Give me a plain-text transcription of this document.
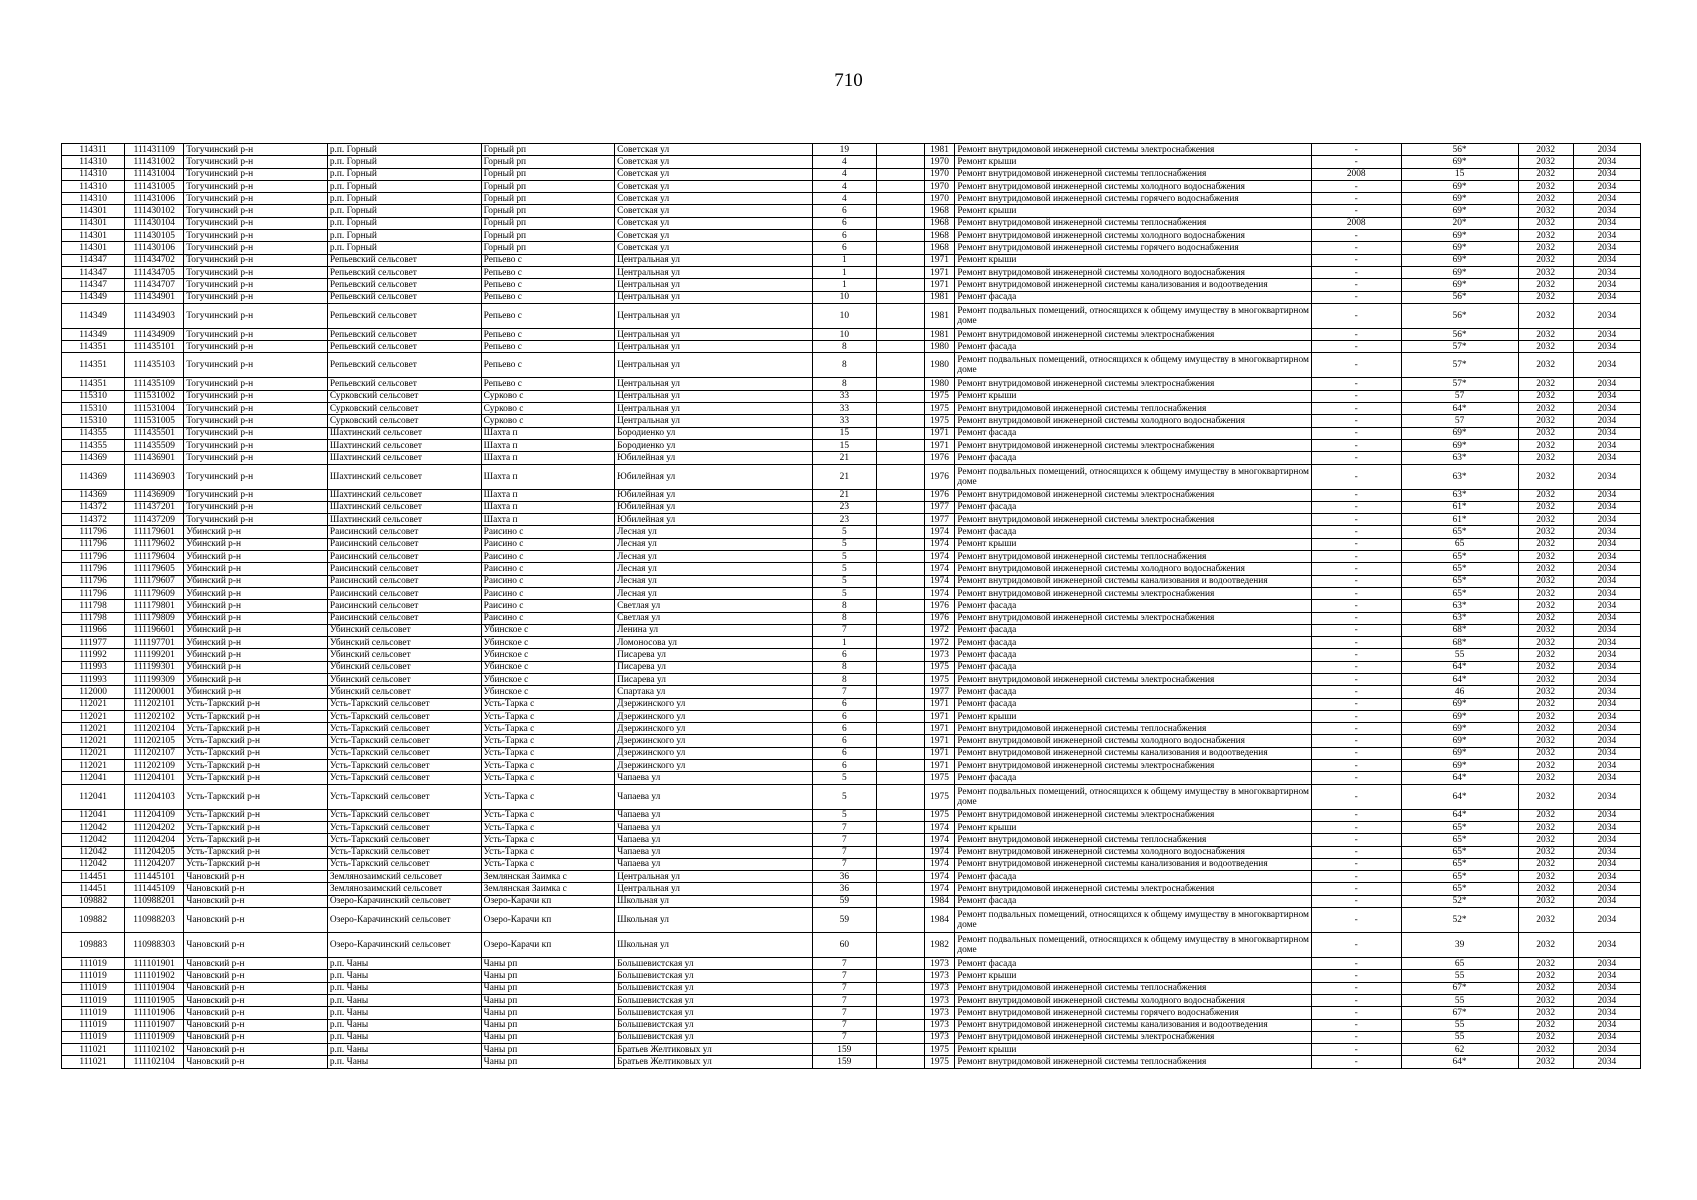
710
114311	111431109	Тогучинский р-н	р.п. Горный	Горный рп	Советская ул	19		1981	Ремонт внутридомовой инженерной системы электроснабжения	-	56*	2032	2034
114310	111431002	Тогучинский р-н	р.п. Горный	Горный рп	Советская ул	4		1970	Ремонт крыши	-	69*	2032	2034
114310	111431004	Тогучинский р-н	р.п. Горный	Горный рп	Советская ул	4		1970	Ремонт внутридомовой инженерной системы теплоснабжения	2008	15	2032	2034
114310	111431005	Тогучинский р-н	р.п. Горный	Горный рп	Советская ул	4		1970	Ремонт внутридомовой инженерной системы холодного водоснабжения	-	69*	2032	2034
114310	111431006	Тогучинский р-н	р.п. Горный	Горный рп	Советская ул	4		1970	Ремонт внутридомовой инженерной системы горячего водоснабжения	-	69*	2032	2034
114301	111430102	Тогучинский р-н	р.п. Горный	Горный рп	Советская ул	6		1968	Ремонт крыши	-	69*	2032	2034
114301	111430104	Тогучинский р-н	р.п. Горный	Горный рп	Советская ул	6		1968	Ремонт внутридомовой инженерной системы теплоснабжения	2008	20*	2032	2034
114301	111430105	Тогучинский р-н	р.п. Горный	Горный рп	Советская ул	6		1968	Ремонт внутридомовой инженерной системы холодного водоснабжения	-	69*	2032	2034
114301	111430106	Тогучинский р-н	р.п. Горный	Горный рп	Советская ул	6		1968	Ремонт внутридомовой инженерной системы горячего водоснабжения	-	69*	2032	2034
114347	111434702	Тогучинский р-н	Репьевский сельсовет	Репьево с	Центральная ул	1		1971	Ремонт крыши	-	69*	2032	2034
114347	111434705	Тогучинский р-н	Репьевский сельсовет	Репьево с	Центральная ул	1		1971	Ремонт внутридомовой инженерной системы холодного водоснабжения	-	69*	2032	2034
114347	111434707	Тогучинский р-н	Репьевский сельсовет	Репьево с	Центральная ул	1		1971	Ремонт внутридомовой инженерной системы канализования и водоотведения	-	69*	2032	2034
114349	111434901	Тогучинский р-н	Репьевский сельсовет	Репьево с	Центральная ул	10		1981	Ремонт фасада	-	56*	2032	2034
114349	111434903	Тогучинский р-н	Репьевский сельсовет	Репьево с	Центральная ул	10		1981	Ремонт подвальных помещений, относящихся к общему имуществу в многоквартирном доме	-	56*	2032	2034
114349	111434909	Тогучинский р-н	Репьевский сельсовет	Репьево с	Центральная ул	10		1981	Ремонт внутридомовой инженерной системы электроснабжения	-	56*	2032	2034
114351	111435101	Тогучинский р-н	Репьевский сельсовет	Репьево с	Центральная ул	8		1980	Ремонт фасада	-	57*	2032	2034
114351	111435103	Тогучинский р-н	Репьевский сельсовет	Репьево с	Центральная ул	8		1980	Ремонт подвальных помещений, относящихся к общему имуществу в многоквартирном доме	-	57*	2032	2034
114351	111435109	Тогучинский р-н	Репьевский сельсовет	Репьево с	Центральная ул	8		1980	Ремонт внутридомовой инженерной системы электроснабжения	-	57*	2032	2034
115310	111531002	Тогучинский р-н	Сурковский сельсовет	Сурково с	Центральная ул	33		1975	Ремонт крыши	-	57	2032	2034
115310	111531004	Тогучинский р-н	Сурковский сельсовет	Сурково с	Центральная ул	33		1975	Ремонт внутридомовой инженерной системы теплоснабжения	-	64*	2032	2034
115310	111531005	Тогучинский р-н	Сурковский сельсовет	Сурково с	Центральная ул	33		1975	Ремонт внутридомовой инженерной системы холодного водоснабжения	-	57	2032	2034
114355	111435501	Тогучинский р-н	Шахтинский сельсовет	Шахта п	Бородиенко ул	15		1971	Ремонт фасада	-	69*	2032	2034
114355	111435509	Тогучинский р-н	Шахтинский сельсовет	Шахта п	Бородиенко ул	15		1971	Ремонт внутридомовой инженерной системы электроснабжения	-	69*	2032	2034
114369	111436901	Тогучинский р-н	Шахтинский сельсовет	Шахта п	Юбилейная ул	21		1976	Ремонт фасада	-	63*	2032	2034
114369	111436903	Тогучинский р-н	Шахтинский сельсовет	Шахта п	Юбилейная ул	21		1976	Ремонт подвальных помещений, относящихся к общему имуществу в многоквартирном доме	-	63*	2032	2034
114369	111436909	Тогучинский р-н	Шахтинский сельсовет	Шахта п	Юбилейная ул	21		1976	Ремонт внутридомовой инженерной системы электроснабжения	-	63*	2032	2034
114372	111437201	Тогучинский р-н	Шахтинский сельсовет	Шахта п	Юбилейная ул	23		1977	Ремонт фасада	-	61*	2032	2034
114372	111437209	Тогучинский р-н	Шахтинский сельсовет	Шахта п	Юбилейная ул	23		1977	Ремонт внутридомовой инженерной системы электроснабжения	-	61*	2032	2034
111796	111179601	Убинский р-н	Раисинский сельсовет	Раисино с	Лесная ул	5		1974	Ремонт фасада	-	65*	2032	2034
111796	111179602	Убинский р-н	Раисинский сельсовет	Раисино с	Лесная ул	5		1974	Ремонт крыши	-	65	2032	2034
111796	111179604	Убинский р-н	Раисинский сельсовет	Раисино с	Лесная ул	5		1974	Ремонт внутридомовой инженерной системы теплоснабжения	-	65*	2032	2034
111796	111179605	Убинский р-н	Раисинский сельсовет	Раисино с	Лесная ул	5		1974	Ремонт внутридомовой инженерной системы холодного водоснабжения	-	65*	2032	2034
111796	111179607	Убинский р-н	Раисинский сельсовет	Раисино с	Лесная ул	5		1974	Ремонт внутридомовой инженерной системы канализования и водоотведения	-	65*	2032	2034
111796	111179609	Убинский р-н	Раисинский сельсовет	Раисино с	Лесная ул	5		1974	Ремонт внутридомовой инженерной системы электроснабжения	-	65*	2032	2034
111798	111179801	Убинский р-н	Раисинский сельсовет	Раисино с	Светлая ул	8		1976	Ремонт фасада	-	63*	2032	2034
111798	111179809	Убинский р-н	Раисинский сельсовет	Раисино с	Светлая ул	8		1976	Ремонт внутридомовой инженерной системы электроснабжения	-	63*	2032	2034
111966	111196601	Убинский р-н	Убинский сельсовет	Убинское с	Ленина ул	7		1972	Ремонт фасада	-	68*	2032	2034
111977	111197701	Убинский р-н	Убинский сельсовет	Убинское с	Ломоносова ул	1		1972	Ремонт фасада	-	68*	2032	2034
111992	111199201	Убинский р-н	Убинский сельсовет	Убинское с	Писарева ул	6		1973	Ремонт фасада	-	55	2032	2034
111993	111199301	Убинский р-н	Убинский сельсовет	Убинское с	Писарева ул	8		1975	Ремонт фасада	-	64*	2032	2034
111993	111199309	Убинский р-н	Убинский сельсовет	Убинское с	Писарева ул	8		1975	Ремонт внутридомовой инженерной системы электроснабжения	-	64*	2032	2034
112000	111200001	Убинский р-н	Убинский сельсовет	Убинское с	Спартака ул	7		1977	Ремонт фасада	-	46	2032	2034
112021	111202101	Усть-Таркский р-н	Усть-Таркский сельсовет	Усть-Тарка с	Дзержинского ул	6		1971	Ремонт фасада	-	69*	2032	2034
112021	111202102	Усть-Таркский р-н	Усть-Таркский сельсовет	Усть-Тарка с	Дзержинского ул	6		1971	Ремонт крыши	-	69*	2032	2034
112021	111202104	Усть-Таркский р-н	Усть-Таркский сельсовет	Усть-Тарка с	Дзержинского ул	6		1971	Ремонт внутридомовой инженерной системы теплоснабжения	-	69*	2032	2034
112021	111202105	Усть-Таркский р-н	Усть-Таркский сельсовет	Усть-Тарка с	Дзержинского ул	6		1971	Ремонт внутридомовой инженерной системы холодного водоснабжения	-	69*	2032	2034
112021	111202107	Усть-Таркский р-н	Усть-Таркский сельсовет	Усть-Тарка с	Дзержинского ул	6		1971	Ремонт внутридомовой инженерной системы канализования и водоотведения	-	69*	2032	2034
112021	111202109	Усть-Таркский р-н	Усть-Таркский сельсовет	Усть-Тарка с	Дзержинского ул	6		1971	Ремонт внутридомовой инженерной системы электроснабжения	-	69*	2032	2034
112041	111204101	Усть-Таркский р-н	Усть-Таркский сельсовет	Усть-Тарка с	Чапаева ул	5		1975	Ремонт фасада	-	64*	2032	2034
112041	111204103	Усть-Таркский р-н	Усть-Таркский сельсовет	Усть-Тарка с	Чапаева ул	5		1975	Ремонт подвальных помещений, относящихся к общему имуществу в многоквартирном доме	-	64*	2032	2034
112041	111204109	Усть-Таркский р-н	Усть-Таркский сельсовет	Усть-Тарка с	Чапаева ул	5		1975	Ремонт внутридомовой инженерной системы электроснабжения	-	64*	2032	2034
112042	111204202	Усть-Таркский р-н	Усть-Таркский сельсовет	Усть-Тарка с	Чапаева ул	7		1974	Ремонт крыши	-	65*	2032	2034
112042	111204204	Усть-Таркский р-н	Усть-Таркский сельсовет	Усть-Тарка с	Чапаева ул	7		1974	Ремонт внутридомовой инженерной системы теплоснабжения	-	65*	2032	2034
112042	111204205	Усть-Таркский р-н	Усть-Таркский сельсовет	Усть-Тарка с	Чапаева ул	7		1974	Ремонт внутридомовой инженерной системы холодного водоснабжения	-	65*	2032	2034
112042	111204207	Усть-Таркский р-н	Усть-Таркский сельсовет	Усть-Тарка с	Чапаева ул	7		1974	Ремонт внутридомовой инженерной системы канализования и водоотведения	-	65*	2032	2034
114451	111445101	Чановский р-н	Землянозаимский сельсовет	Землянская Заимка с	Центральная ул	36		1974	Ремонт фасада	-	65*	2032	2034
114451	111445109	Чановский р-н	Землянозаимский сельсовет	Землянская Заимка с	Центральная ул	36		1974	Ремонт внутридомовой инженерной системы электроснабжения	-	65*	2032	2034
109882	110988201	Чановский р-н	Озеро-Карачинский сельсовет	Озеро-Карачи кп	Школьная ул	59		1984	Ремонт фасада	-	52*	2032	2034
109882	110988203	Чановский р-н	Озеро-Карачинский сельсовет	Озеро-Карачи кп	Школьная ул	59		1984	Ремонт подвальных помещений, относящихся к общему имуществу в многоквартирном доме	-	52*	2032	2034
109883	110988303	Чановский р-н	Озеро-Карачинский сельсовет	Озеро-Карачи кп	Школьная ул	60		1982	Ремонт подвальных помещений, относящихся к общему имуществу в многоквартирном доме	-	39	2032	2034
111019	111101901	Чановский р-н	р.п. Чаны	Чаны рп	Большевистская ул	7		1973	Ремонт фасада	-	65	2032	2034
111019	111101902	Чановский р-н	р.п. Чаны	Чаны рп	Большевистская ул	7		1973	Ремонт крыши	-	55	2032	2034
111019	111101904	Чановский р-н	р.п. Чаны	Чаны рп	Большевистская ул	7		1973	Ремонт внутридомовой инженерной системы теплоснабжения	-	67*	2032	2034
111019	111101905	Чановский р-н	р.п. Чаны	Чаны рп	Большевистская ул	7		1973	Ремонт внутридомовой инженерной системы холодного водоснабжения	-	55	2032	2034
111019	111101906	Чановский р-н	р.п. Чаны	Чаны рп	Большевистская ул	7		1973	Ремонт внутридомовой инженерной системы горячего водоснабжения	-	67*	2032	2034
111019	111101907	Чановский р-н	р.п. Чаны	Чаны рп	Большевистская ул	7		1973	Ремонт внутридомовой инженерной системы канализования и водоотведения	-	55	2032	2034
111019	111101909	Чановский р-н	р.п. Чаны	Чаны рп	Большевистская ул	7		1973	Ремонт внутридомовой инженерной системы электроснабжения	-	55	2032	2034
111021	111102102	Чановский р-н	р.п. Чаны	Чаны рп	Братьев Желтиковых ул	159		1975	Ремонт крыши	-	62	2032	2034
111021	111102104	Чановский р-н	р.п. Чаны	Чаны рп	Братьев Желтиковых ул	159		1975	Ремонт внутридомовой инженерной системы теплоснабжения	-	64*	2032	2034
